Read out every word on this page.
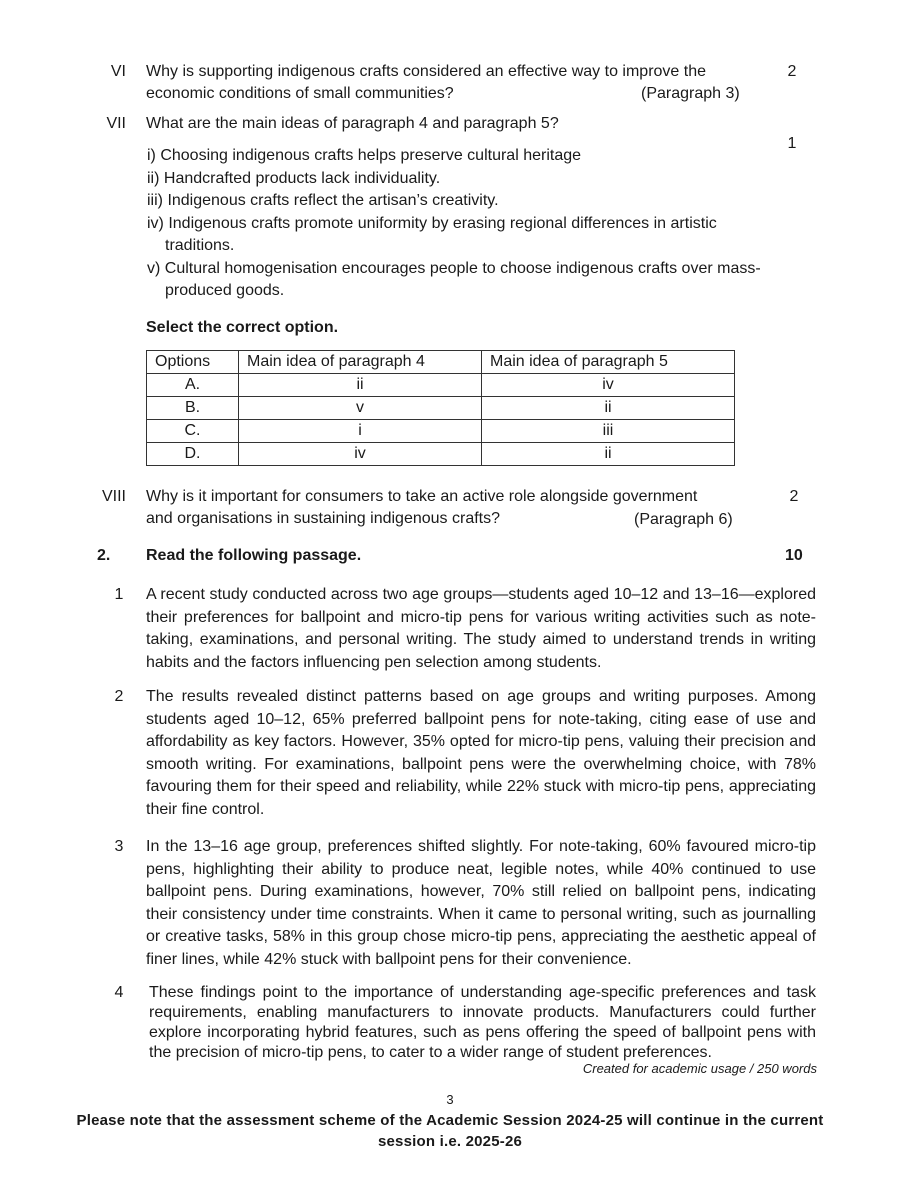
VI Why is supporting indigenous crafts considered an effective way to improve the
economic conditions of small communities?	(Paragraph 3)
2
VII What are the main ideas of paragraph 4 and paragraph 5?
1
i) Choosing indigenous crafts helps preserve cultural heritage
ii) Handcrafted products lack individuality.
iii) Indigenous crafts reflect the artisan’s creativity.
iv) Indigenous crafts promote uniformity by erasing regional differences in artistic traditions.
v) Cultural homogenisation encourages people to choose indigenous crafts over mass-produced goods.
Select the correct option.
Options	Main idea of paragraph 4	Main idea of paragraph 5
A.	ii	iv
B.	v	ii
C.	i	iii
D.	iv	ii
VIII Why is it important for consumers to take an active role alongside government
and organisations in sustaining indigenous crafts?	(Paragraph 6)
2
2. Read the following passage.	10
1 A recent study conducted across two age groups—students aged 10–12 and 13–16—explored their preferences for ballpoint and micro-tip pens for various writing activities such as note-taking, examinations, and personal writing. The study aimed to understand trends in writing habits and the factors influencing pen selection among students.
2 The results revealed distinct patterns based on age groups and writing purposes. Among students aged 10–12, 65% preferred ballpoint pens for note-taking, citing ease of use and affordability as key factors. However, 35% opted for micro-tip pens, valuing their precision and smooth writing. For examinations, ballpoint pens were the overwhelming choice, with 78% favouring them for their speed and reliability, while 22% stuck with micro-tip pens, appreciating their fine control.
3 In the 13–16 age group, preferences shifted slightly. For note-taking, 60% favoured micro-tip pens, highlighting their ability to produce neat, legible notes, while 40% continued to use ballpoint pens. During examinations, however, 70% still relied on ballpoint pens, indicating their consistency under time constraints. When it came to personal writing, such as journalling or creative tasks, 58% in this group chose micro-tip pens, appreciating the aesthetic appeal of finer lines, while 42% stuck with ballpoint pens for their convenience.
4 These findings point to the importance of understanding age-specific preferences and task requirements, enabling manufacturers to innovate products. Manufacturers could further explore incorporating hybrid features, such as pens offering the speed of ballpoint pens with the precision of micro-tip pens, to cater to a wider range of student preferences.
Created for academic usage / 250 words
3
Please note that the assessment scheme of the Academic Session 2024-25 will continue in the current session i.e. 2025-26
